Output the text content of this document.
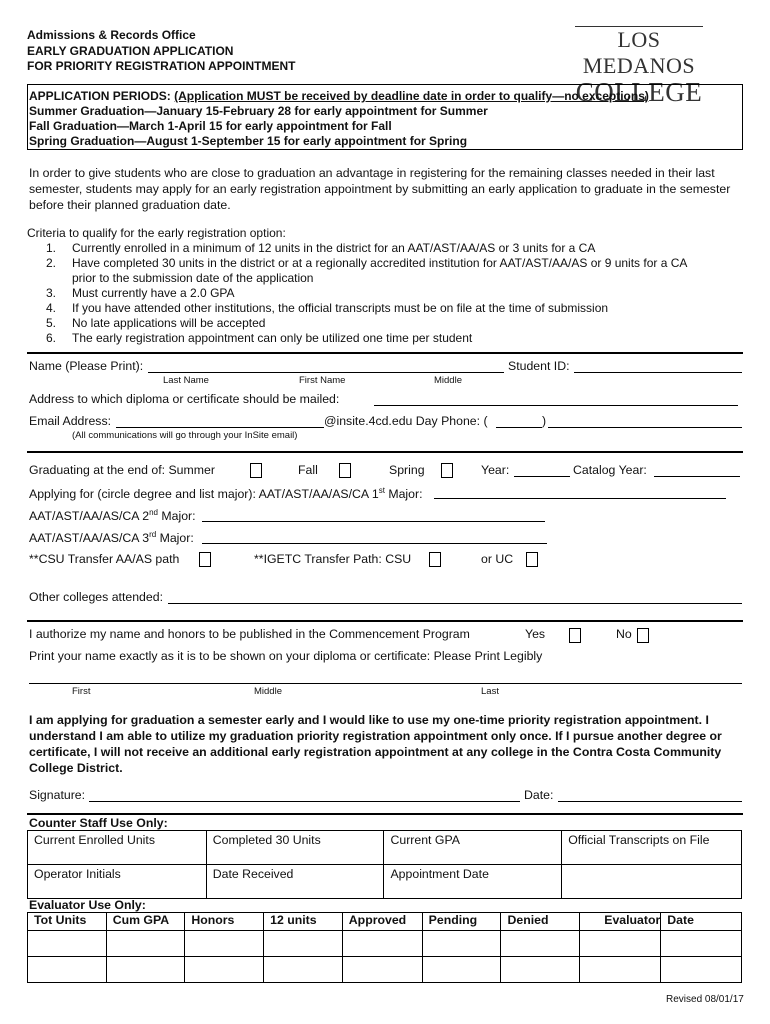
Admissions & Records Office
EARLY GRADUATION APPLICATION
FOR PRIORITY REGISTRATION APPOINTMENT
LOS MEDANOS
COLLEGE
APPLICATION PERIODS: (Application MUST be received by deadline date in order to qualify—no exceptions)
Summer Graduation—January 15-February 28 for early appointment for Summer
Fall Graduation—March 1-April 15 for early appointment for Fall
Spring Graduation—August 1-September 15 for early appointment for Spring
In order to give students who are close to graduation an advantage in registering for the remaining classes needed in their last semester, students may apply for an early registration appointment by submitting an early application to graduate in the semester before their planned graduation date.
Criteria to qualify for the early registration option:
1.	Currently enrolled in a minimum of 12 units in the district for an AAT/AST/AA/AS or 3 units for a CA
2.	Have completed 30 units in the district or at a regionally accredited institution for AAT/AST/AA/AS or 9 units for a CA
prior to the submission date of the application
3.	Must currently have a 2.0 GPA
4.	If you have attended other institutions, the official transcripts must be on file at the time of submission
5.	No late applications will be accepted
6.	The early registration appointment can only be utilized one time per student
Name (Please Print):	Student ID:
Last Name	First Name	Middle
Address to which diploma or certificate should be mailed:
Email Address:	@insite.4cd.edu Day Phone: (	)
(All communications will go through your InSite email)
Graduating at the end of: Summer	Fall	Spring	Year:	Catalog Year:
Applying for (circle degree and list major): AAT/AST/AA/AS/CA 1st Major:
AAT/AST/AA/AS/CA 2nd Major:
AAT/AST/AA/AS/CA 3rd Major:
**CSU Transfer AA/AS path	**IGETC Transfer Path: CSU	or UC
Other colleges attended:
I authorize my name and honors to be published in the Commencement Program	Yes	No
Print your name exactly as it is to be shown on your diploma or certificate: Please Print Legibly
First	Middle	Last
I am applying for graduation a semester early and I would like to use my one-time priority registration appointment. I understand I am able to utilize my graduation priority registration appointment only once. If I pursue another degree or certificate, I will not receive an additional early registration appointment at any college in the Contra Costa Community College District.
Signature:	Date:
Counter Staff Use Only:
Current Enrolled Units	Completed 30 Units	Current GPA	Official Transcripts on File
Operator Initials	Date Received	Appointment Date	
Evaluator Use Only:
Tot Units	Cum GPA	Honors	12 units	Approved	Pending	Denied	Evaluator	Date

Revised 08/01/17
